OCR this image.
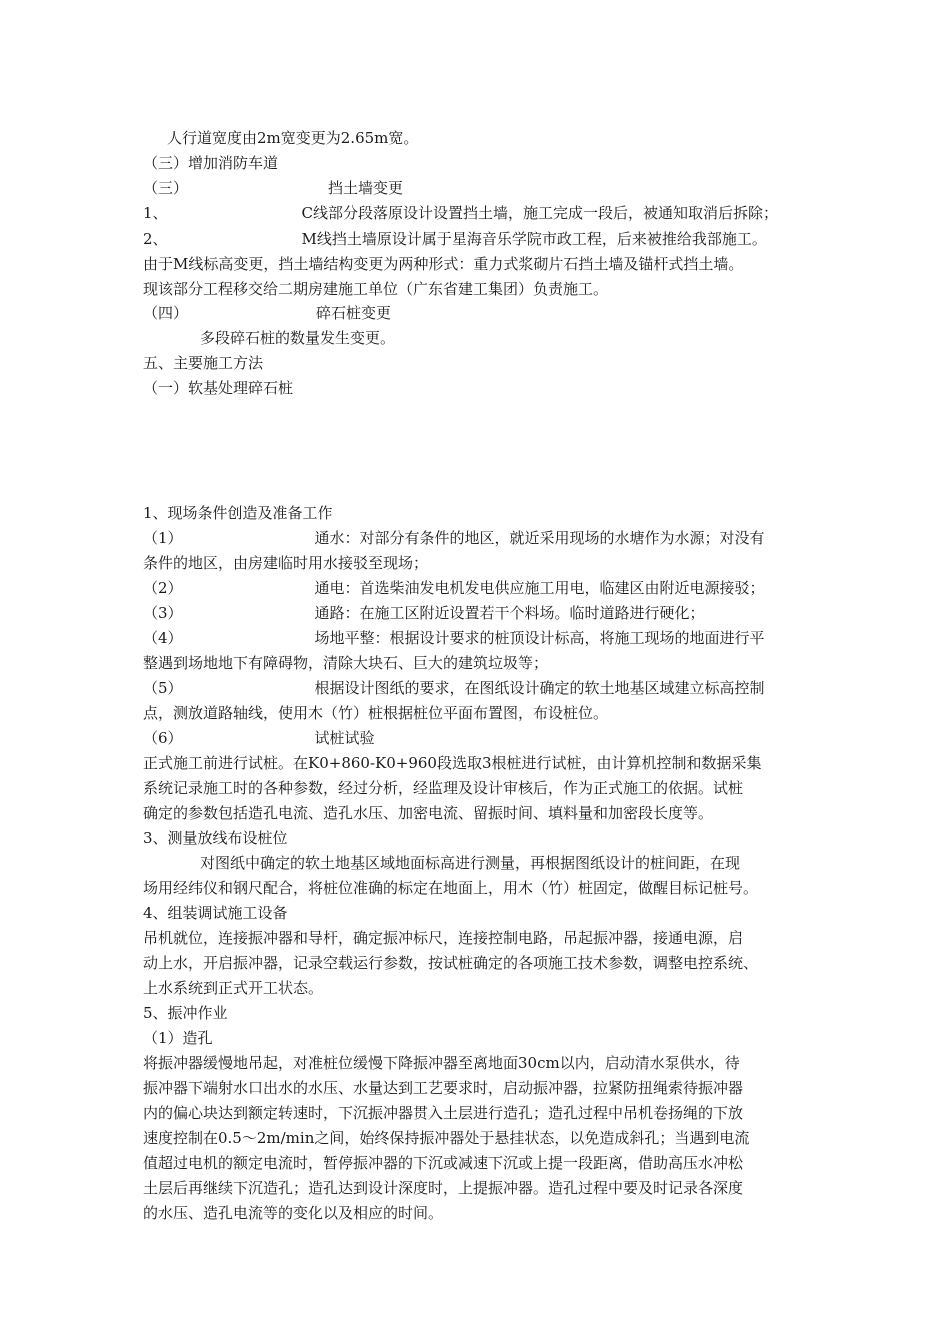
人行道宽度由2m宽变更为2.65m宽。
（三）增加消防车道
（三）	挡土墙变更
1、	C线部分段落原设计设置挡土墙，施工完成一段后，被通知取消后拆除；
2、	M线挡土墙原设计属于星海音乐学院市政工程，后来被推给我部施工。
由于M线标高变更，挡土墙结构变更为两种形式：重力式浆砌片石挡土墙及锚杆式挡土墙。
现该部分工程移交给二期房建施工单位（广东省建工集团）负责施工。
（四）	碎石桩变更
多段碎石桩的数量发生变更。
五、主要施工方法
（一）软基处理碎石桩
1、现场条件创造及准备工作
（1）	通水：对部分有条件的地区，就近采用现场的水塘作为水源；对没有
条件的地区，由房建临时用水接驳至现场；
（2）	通电：首选柴油发电机发电供应施工用电，临建区由附近电源接驳；
（3）	通路：在施工区附近设置若干个料场。临时道路进行硬化；
（4）	场地平整：根据设计要求的桩顶设计标高，将施工现场的地面进行平
整遇到场地地下有障碍物，清除大块石、巨大的建筑垃圾等；
（5）	根据设计图纸的要求，在图纸设计确定的软土地基区域建立标高控制
点，测放道路轴线，使用木（竹）桩根据桩位平面布置图，布设桩位。
（6）	试桩试验
正式施工前进行试桩。在K0+860-K0+960段选取3根桩进行试桩，由计算机控制和数据采集
系统记录施工时的各种参数，经过分析，经监理及设计审核后，作为正式施工的依据。试桩
确定的参数包括造孔电流、造孔水压、加密电流、留振时间、填料量和加密段长度等。
3、测量放线布设桩位
对图纸中确定的软土地基区域地面标高进行测量，再根据图纸设计的桩间距，在现
场用经纬仪和钢尺配合，将桩位准确的标定在地面上，用木（竹）桩固定，做醒目标记桩号。
4、组装调试施工设备
吊机就位，连接振冲器和导杆，确定振冲标尺，连接控制电路，吊起振冲器，接通电源，启
动上水，开启振冲器，记录空载运行参数，按试桩确定的各项施工技术参数，调整电控系统、
上水系统到正式开工状态。
5、振冲作业
（1）造孔
将振冲器缓慢地吊起，对准桩位缓慢下降振冲器至离地面30cm以内，启动清水泵供水，待
振冲器下端射水口出水的水压、水量达到工艺要求时，启动振冲器，拉紧防扭绳索待振冲器
内的偏心块达到额定转速时，下沉振冲器贯入土层进行造孔；造孔过程中吊机卷扬绳的下放
速度控制在0.5～2m/min之间，始终保持振冲器处于悬挂状态，以免造成斜孔；当遇到电流
值超过电机的额定电流时，暂停振冲器的下沉或减速下沉或上提一段距离，借助高压水冲松
土层后再继续下沉造孔；造孔达到设计深度时，上提振冲器。造孔过程中要及时记录各深度
的水压、造孔电流等的变化以及相应的时间。
